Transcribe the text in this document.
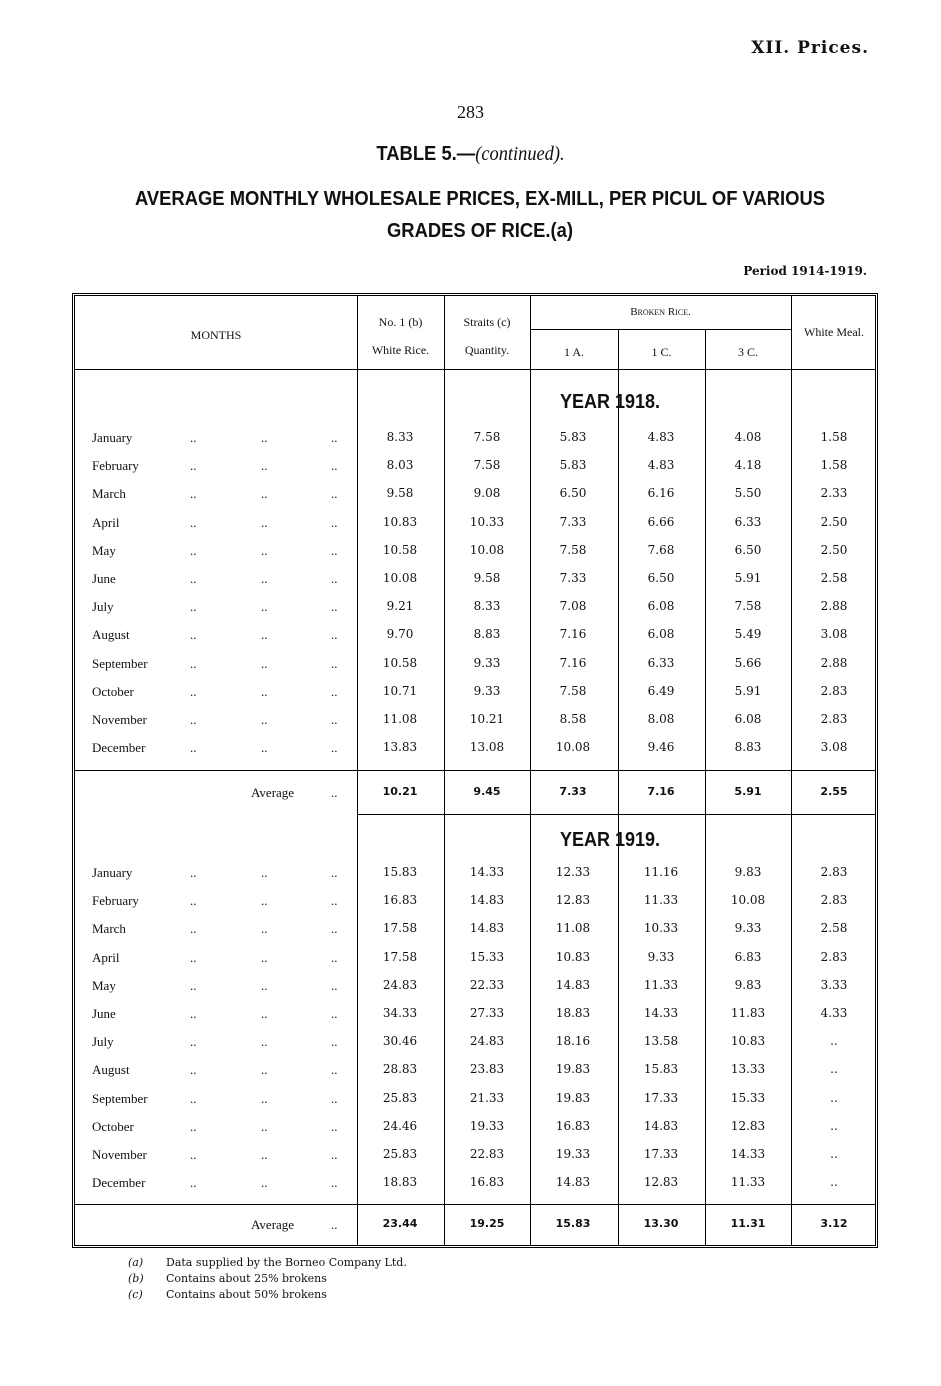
XII. Prices.
283
TABLE 5.—(continued).
AVERAGE MONTHLY WHOLESALE PRICES, EX-MILL, PER PICUL OF VARIOUS GRADES OF RICE.(a)
Period 1914-1919.
MONTHS
No. 1 (b)
White Rice.
Straits (c)
Quantity.
Broken Rice.
1 A.	1 C.	3 C.
White Meal.
YEAR 1918.
YEAR 1919.
January	..	..	..	8.33	7.58	5.83	4.83	4.08	1.58
February	..	..	..	8.03	7.58	5.83	4.83	4.18	1.58
March	..	..	..	9.58	9.08	6.50	6.16	5.50	2.33
April	..	..	..	10.83	10.33	7.33	6.66	6.33	2.50
May	..	..	..	10.58	10.08	7.58	7.68	6.50	2.50
June	..	..	..	10.08	9.58	7.33	6.50	5.91	2.58
July	..	..	..	9.21	8.33	7.08	6.08	7.58	2.88
August	..	..	..	9.70	8.83	7.16	6.08	5.49	3.08
September	..	..	..	10.58	9.33	7.16	6.33	5.66	2.88
October	..	..	..	10.71	9.33	7.58	6.49	5.91	2.83
November	..	..	..	11.08	10.21	8.58	8.08	6.08	2.83
December	..	..	..	13.83	13.08	10.08	9.46	8.83	3.08
Average	..	10.21	9.45	7.33	7.16	5.91	2.55
January	..	..	..	15.83	14.33	12.33	11.16	9.83	2.83
February	..	..	..	16.83	14.83	12.83	11.33	10.08	2.83
March	..	..	..	17.58	14.83	11.08	10.33	9.33	2.58
April	..	..	..	17.58	15.33	10.83	9.33	6.83	2.83
May	..	..	..	24.83	22.33	14.83	11.33	9.83	3.33
June	..	..	..	34.33	27.33	18.83	14.33	11.83	4.33
July	..	..	..	30.46	24.83	18.16	13.58	10.83	..
August	..	..	..	28.83	23.83	19.83	15.83	13.33	..
September	..	..	..	25.83	21.33	19.83	17.33	15.33	..
October	..	..	..	24.46	19.33	16.83	14.83	12.83	..
November	..	..	..	25.83	22.83	19.33	17.33	14.33	..
December	..	..	..	18.83	16.83	14.83	12.83	11.33	..
Average	..	23.44	19.25	15.83	13.30	11.31	3.12
(a) Data supplied by the Borneo Company Ltd.
(b) Contains about 25% brokens
(c) Contains about 50% brokens
